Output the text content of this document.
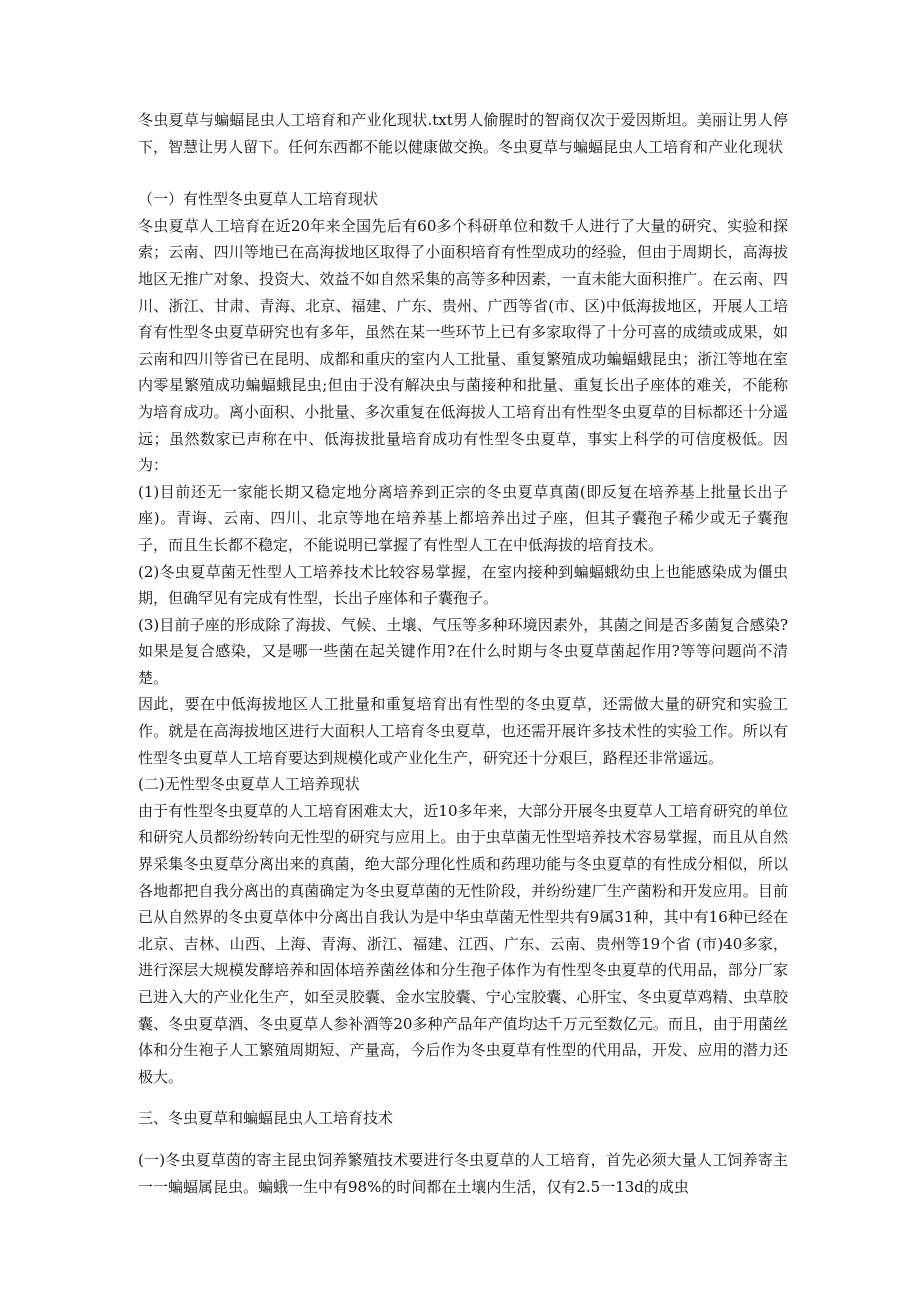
冬虫夏草与蝙蝠昆虫人工培育和产业化现状.txt男人偷腥时的智商仅次于爱因斯坦。美丽让男人停下，智慧让男人留下。任何东西都不能以健康做交换。冬虫夏草与蝙蝠昆虫人工培育和产业化现状

（一）有性型冬虫夏草人工培育现状

冬虫夏草人工培育在近20年来全国先后有60多个科研单位和数千人进行了大量的研究、实验和探索；云南、四川等地已在高海拔地区取得了小面积培育有性型成功的经验，但由于周期长，高海拔地区无推广对象、投资大、效益不如自然采集的高等多种因素，一直未能大面积推广。在云南、四川、浙江、甘肃、青海、北京、福建、广东、贵州、广西等省(市、区)中低海拔地区，开展人工培育有性型冬虫夏草研究也有多年，虽然在某一些环节上已有多家取得了十分可喜的成绩或成果，如云南和四川等省已在昆明、成都和重庆的室内人工批量、重复繁殖成功蝙蝠蛾昆虫；浙江等地在室内零星繁殖成功蝙蝠蛾昆虫;但由于没有解决虫与菌接种和批量、重复长出子座体的难关，不能称为培育成功。离小面积、小批量、多次重复在低海拔人工培育出有性型冬虫夏草的目标都还十分遥远；虽然数家已声称在中、低海拔批量培育成功有性型冬虫夏草，事实上科学的可信度极低。因为：

(1)目前还无一家能长期又稳定地分离培养到正宗的冬虫夏草真菌(即反复在培养基上批量长出子座)。青诲、云南、四川、北京等地在培养基上都培养出过子座，但其子囊孢子稀少或无子囊孢子，而且生长都不稳定，不能说明已掌握了有性型人工在中低海拔的培育技术。

(2)冬虫夏草菌无性型人工培养技术比较容易掌握，在室内接种到蝙蝠蛾幼虫上也能感染成为僵虫期，但确罕见有完成有性型，长出子座体和子囊孢子。

(3)目前子座的形成除了海拔、气候、土壤、气压等多种环境因素外，其菌之间是否多菌复合感染?如果是复合感染，又是哪一些菌在起关键作用?在什么时期与冬虫夏草菌起作用?等等问题尚不清楚。

因此，要在中低海拔地区人工批量和重复培育出有性型的冬虫夏草，还需做大量的研究和实验工作。就是在高海拔地区进行大面积人工培育冬虫夏草，也还需开展许多技术性的实验工作。所以有性型冬虫夏草人工培育要达到规模化或产业化生产，研究还十分艰巨，路程还非常遥远。

(二)无性型冬虫夏草人工培养现状

由于有性型冬虫夏草的人工培育困难太大，近10多年来，大部分开展冬虫夏草人工培育研究的单位和研究人员都纷纷转向无性型的研究与应用上。由于虫草菌无性型培养技术容易掌握，而且从自然界采集冬虫夏草分离出来的真菌，绝大部分理化性质和药理功能与冬虫夏草的有性成分相似，所以各地都把自我分离出的真菌确定为冬虫夏草菌的无性阶段，并纷纷建厂生产菌粉和开发应用。目前已从自然界的冬虫夏草体中分离出自我认为是中华虫草菌无性型共有9属31种，其中有16种已经在北京、吉林、山西、上海、青海、浙江、福建、江西、广东、云南、贵州等19个省 (市)40多家，进行深层大规模发酵培养和固体培养菌丝体和分生孢子体作为有性型冬虫夏草的代用品，部分厂家已进入大的产业化生产，如至灵胶囊、金水宝胶囊、宁心宝胶囊、心肝宝、冬虫夏草鸡精、虫草胶囊、冬虫夏草酒、冬虫夏草人参补酒等20多种产品年产值均达千万元至数亿元。而且，由于用菌丝体和分生袍子人工繁殖周期短、产量高，今后作为冬虫夏草有性型的代用品，开发、应用的潜力还极大。

三、冬虫夏草和蝙蝠昆虫人工培育技术

(一)冬虫夏草茵的寄主昆虫饲养繁殖技术要进行冬虫夏草的人工培育，首先必须大量人工饲养寄主一一蝙蝠属昆虫。蝙蛾一生中有98%的时间都在土壤内生活，仅有2.5一13d的成虫
